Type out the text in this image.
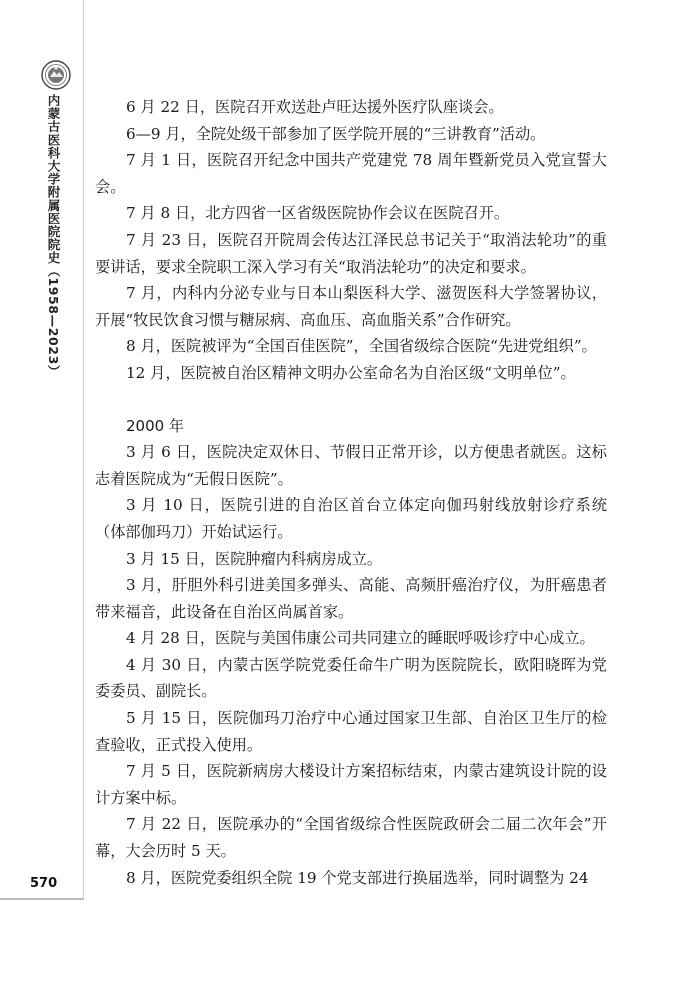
内蒙古医科大学附属医院院史（1958—2023）
570

6 月 22 日，医院召开欢送赴卢旺达援外医疗队座谈会。

6—9 月，全院处级干部参加了医学院开展的“三讲教育”活动。

7 月 1 日，医院召开纪念中国共产党建党 78 周年暨新党员入党宣誓大会。

7 月 8 日，北方四省一区省级医院协作会议在医院召开。

7 月 23 日，医院召开院周会传达江泽民总书记关于“取消法轮功”的重要讲话，要求全院职工深入学习有关“取消法轮功”的决定和要求。

7 月，内科内分泌专业与日本山梨医科大学、滋贺医科大学签署协议，开展“牧民饮食习惯与糖尿病、高血压、高血脂关系”合作研究。

8 月，医院被评为“全国百佳医院”，全国省级综合医院“先进党组织”。

12 月，医院被自治区精神文明办公室命名为自治区级“文明单位”。

2000 年

3 月 6 日，医院决定双休日、节假日正常开诊，以方便患者就医。这标志着医院成为“无假日医院”。

3 月 10 日，医院引进的自治区首台立体定向伽玛射线放射诊疗系统（体部伽玛刀）开始试运行。

3 月 15 日，医院肿瘤内科病房成立。

3 月，肝胆外科引进美国多弹头、高能、高频肝癌治疗仪，为肝癌患者带来福音，此设备在自治区尚属首家。

4 月 28 日，医院与美国伟康公司共同建立的睡眠呼吸诊疗中心成立。

4 月 30 日，内蒙古医学院党委任命牛广明为医院院长，欧阳晓晖为党委委员、副院长。

5 月 15 日，医院伽玛刀治疗中心通过国家卫生部、自治区卫生厅的检查验收，正式投入使用。

7 月 5 日，医院新病房大楼设计方案招标结束，内蒙古建筑设计院的设计方案中标。

7 月 22 日，医院承办的“全国省级综合性医院政研会二届二次年会”开幕，大会历时 5 天。

8 月，医院党委组织全院 19 个党支部进行换届选举，同时调整为 24
